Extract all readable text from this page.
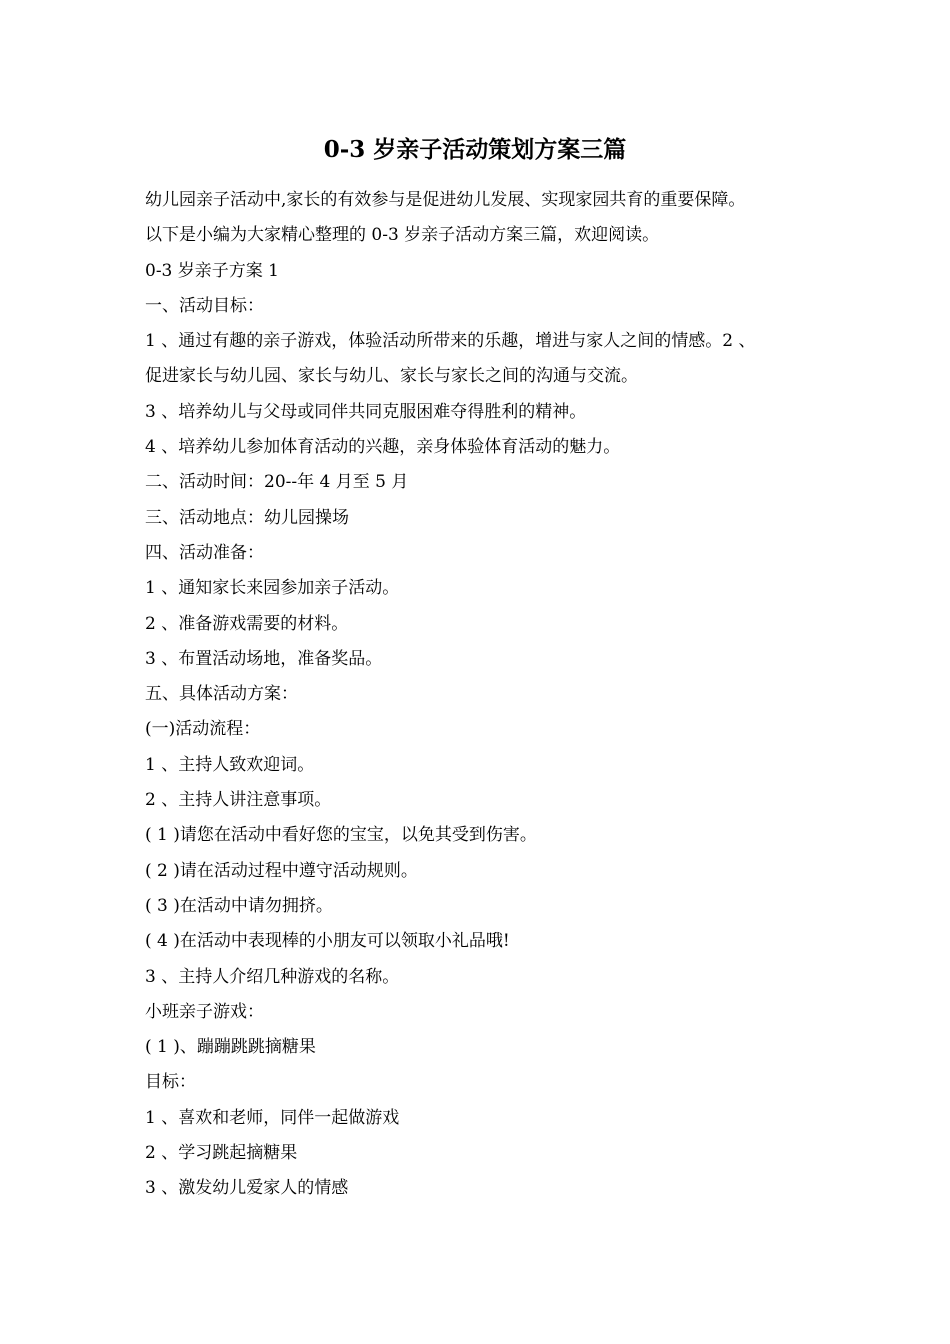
0-3 岁亲子活动策划方案三篇
幼儿园亲子活动中,家长的有效参与是促进幼儿发展、实现家园共育的重要保障。
以下是小编为大家精心整理的 0-3 岁亲子活动方案三篇，欢迎阅读。
0-3 岁亲子方案 1
一、活动目标：
1 、通过有趣的亲子游戏，体验活动所带来的乐趣，增进与家人之间的情感。2 、
促进家长与幼儿园、家长与幼儿、家长与家长之间的沟通与交流。
3 、培养幼儿与父母或同伴共同克服困难夺得胜利的精神。
4 、培养幼儿参加体育活动的兴趣，亲身体验体育活动的魅力。
二、活动时间：20--年 4 月至 5 月
三、活动地点：幼儿园操场
四、活动准备：
1 、通知家长来园参加亲子活动。
2 、准备游戏需要的材料。
3 、布置活动场地，准备奖品。
五、具体活动方案：
(一)活动流程：
1 、主持人致欢迎词。
2 、主持人讲注意事项。
( 1 )请您在活动中看好您的宝宝，以免其受到伤害。
( 2 )请在活动过程中遵守活动规则。
( 3 )在活动中请勿拥挤。
( 4 )在活动中表现棒的小朋友可以领取小礼品哦!
3 、主持人介绍几种游戏的名称。
小班亲子游戏：
( 1 )、蹦蹦跳跳摘糖果
目标：
1 、喜欢和老师，同伴一起做游戏
2 、学习跳起摘糖果
3 、激发幼儿爱家人的情感
